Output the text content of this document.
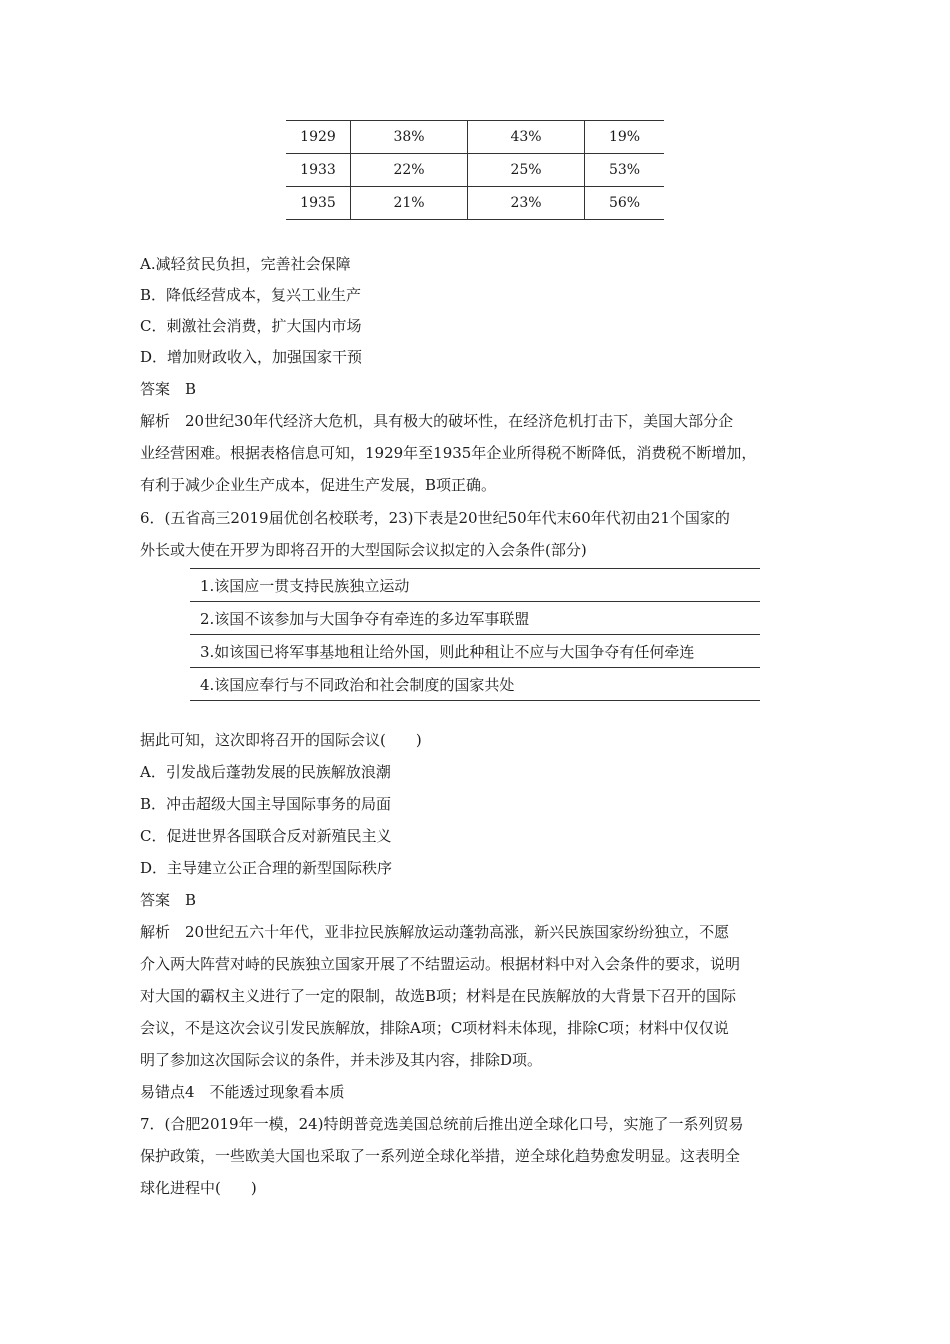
1929	38%	43%	19%
1933	22%	25%	53%
1935	21%	23%	56%
A.减轻贫民负担，完善社会保障
B．降低经营成本，复兴工业生产
C．刺激社会消费，扩大国内市场
D．增加财政收入，加强国家干预
答案　B
解析　20世纪30年代经济大危机，具有极大的破坏性，在经济危机打击下，美国大部分企
业经营困难。根据表格信息可知，1929年至1935年企业所得税不断降低，消费税不断增加，
有利于减少企业生产成本，促进生产发展，B项正确。
6．(五省高三2019届优创名校联考，23)下表是20世纪50年代末60年代初由21个国家的
外长或大使在开罗为即将召开的大型国际会议拟定的入会条件(部分)
1.该国应一贯支持民族独立运动
2.该国不该参加与大国争夺有牵连的多边军事联盟
3.如该国已将军事基地租让给外国，则此种租让不应与大国争夺有任何牵连
4.该国应奉行与不同政治和社会制度的国家共处
据此可知，这次即将召开的国际会议(　　)
A．引发战后蓬勃发展的民族解放浪潮
B．冲击超级大国主导国际事务的局面
C．促进世界各国联合反对新殖民主义
D．主导建立公正合理的新型国际秩序
答案　B
解析　20世纪五六十年代，亚非拉民族解放运动蓬勃高涨，新兴民族国家纷纷独立，不愿
介入两大阵营对峙的民族独立国家开展了不结盟运动。根据材料中对入会条件的要求，说明
对大国的霸权主义进行了一定的限制，故选B项；材料是在民族解放的大背景下召开的国际
会议，不是这次会议引发民族解放，排除A项；C项材料未体现，排除C项；材料中仅仅说
明了参加这次国际会议的条件，并未涉及其内容，排除D项。
易错点4　不能透过现象看本质
7．(合肥2019年一模，24)特朗普竞选美国总统前后推出逆全球化口号，实施了一系列贸易
保护政策，一些欧美大国也采取了一系列逆全球化举措，逆全球化趋势愈发明显。这表明全
球化进程中(　　)
